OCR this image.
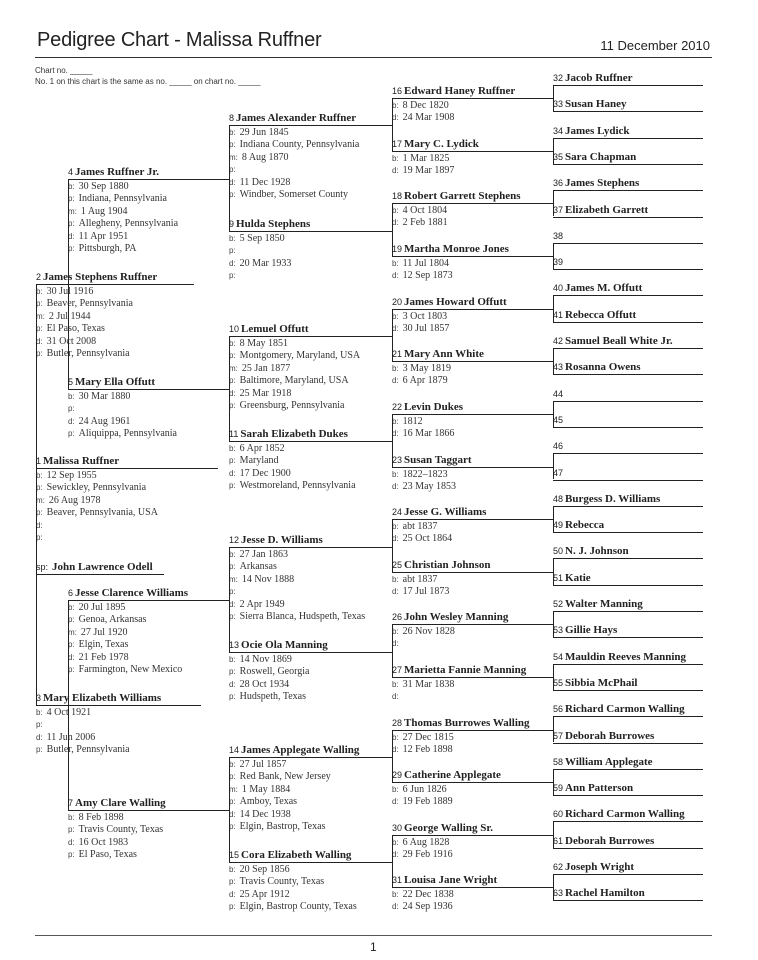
Pedigree Chart - Malissa Ruffner	11 December 2010
Chart no. _____
No. 1 on this chart is the same as no. _____ on chart no. _____
sp: John Lawrence Odell
1 Malissa Ruffner
b: 12 Sep 1955
p: Sewickley, Pennsylvania
m: 26 Aug 1978
p: Beaver, Pennsylvania, USA
d:
p:
2 James Stephens Ruffner
b: 30 Jul 1916
p: Beaver, Pennsylvania
m: 2 Jul 1944
p: El Paso, Texas
d: 31 Oct 2008
p: Butler, Pennsylvania
3 Mary Elizabeth Williams
b: 4 Oct 1921
p:
d: 11 Jun 2006
p: Butler, Pennsylvania
4 James Ruffner Jr.
b: 30 Sep 1880
p: Indiana, Pennsylvania
m: 1 Aug 1904
p: Allegheny, Pennsylvania
d: 11 Apr 1951
p: Pittsburgh, PA
5 Mary Ella Offutt
b: 30 Mar 1880
p:
d: 24 Aug 1961
p: Aliquippa, Pennsylvania
6 Jesse Clarence Williams
b: 20 Jul 1895
p: Genoa, Arkansas
m: 27 Jul 1920
p: Elgin, Texas
d: 21 Feb 1978
p: Farmington, New Mexico
7 Amy Clare Walling
b: 8 Feb 1898
p: Travis County, Texas
d: 16 Oct 1983
p: El Paso, Texas
8 James Alexander Ruffner
b: 29 Jun 1845
p: Indiana County, Pennsylvania
m: 8 Aug 1870
p:
d: 11 Dec 1928
p: Windber, Somerset County
9 Hulda Stephens
b: 5 Sep 1850
p:
d: 20 Mar 1933
p:
10 Lemuel Offutt
b: 8 May 1851
p: Montgomery, Maryland, USA
m: 25 Jan 1877
p: Baltimore, Maryland, USA
d: 25 Mar 1918
p: Greensburg, Pennsylvania
11 Sarah Elizabeth Dukes
b: 6 Apr 1852
p: Maryland
d: 17 Dec 1900
p: Westmoreland, Pennsylvania
12 Jesse D. Williams
b: 27 Jan 1863
p: Arkansas
m: 14 Nov 1888
p:
d: 2 Apr 1949
p: Sierra Blanca, Hudspeth, Texas
13 Ocie Ola Manning
b: 14 Nov 1869
p: Roswell, Georgia
d: 28 Oct 1934
p: Hudspeth, Texas
14 James Applegate Walling
b: 27 Jul 1857
p: Red Bank, New Jersey
m: 1 May 1884
p: Amboy, Texas
d: 14 Dec 1938
p: Elgin, Bastrop, Texas
15 Cora Elizabeth Walling
b: 20 Sep 1856
p: Travis County, Texas
d: 25 Apr 1912
p: Elgin, Bastrop County, Texas
16 Edward Haney Ruffner
b: 8 Dec 1820
d: 24 Mar 1908
17 Mary C. Lydick
b: 1 Mar 1825
d: 19 Mar 1897
18 Robert Garrett Stephens
b: 4 Oct 1804
d: 2 Feb 1881
19 Martha Monroe Jones
b: 11 Jul 1804
d: 12 Sep 1873
20 James Howard Offutt
b: 3 Oct 1803
d: 30 Jul 1857
21 Mary Ann White
b: 3 May 1819
d: 6 Apr 1879
22 Levin Dukes
b: 1812
d: 16 Mar 1866
23 Susan Taggart
b: 1822–1823
d: 23 May 1853
24 Jesse G. Williams
b: abt 1837
d: 25 Oct 1864
25 Christian Johnson
b: abt 1837
d: 17 Jul 1873
26 John Wesley Manning
b: 26 Nov 1828
d:
27 Marietta Fannie Manning
b: 31 Mar 1838
d:
28 Thomas Burrowes Walling
b: 27 Dec 1815
d: 12 Feb 1898
29 Catherine Applegate
b: 6 Jun 1826
d: 19 Feb 1889
30 George Walling Sr.
b: 6 Aug 1828
d: 29 Feb 1916
31 Louisa Jane Wright
b: 22 Dec 1838
d: 24 Sep 1936
32 Jacob Ruffner
33 Susan Haney
34 James Lydick
35 Sara Chapman
36 James Stephens
37 Elizabeth Garrett
38
39
40 James M. Offutt
41 Rebecca Offutt
42 Samuel Beall White Jr.
43 Rosanna Owens
44
45
46
47
48 Burgess D. Williams
49 Rebecca
50 N. J. Johnson
51 Katie
52 Walter Manning
53 Gillie Hays
54 Mauldin Reeves Manning
55 Sibbia McPhail
56 Richard Carmon Walling
57 Deborah Burrowes
58 William Applegate
59 Ann Patterson
60 Richard Carmon Walling
61 Deborah Burrowes
62 Joseph Wright
63 Rachel Hamilton
1
